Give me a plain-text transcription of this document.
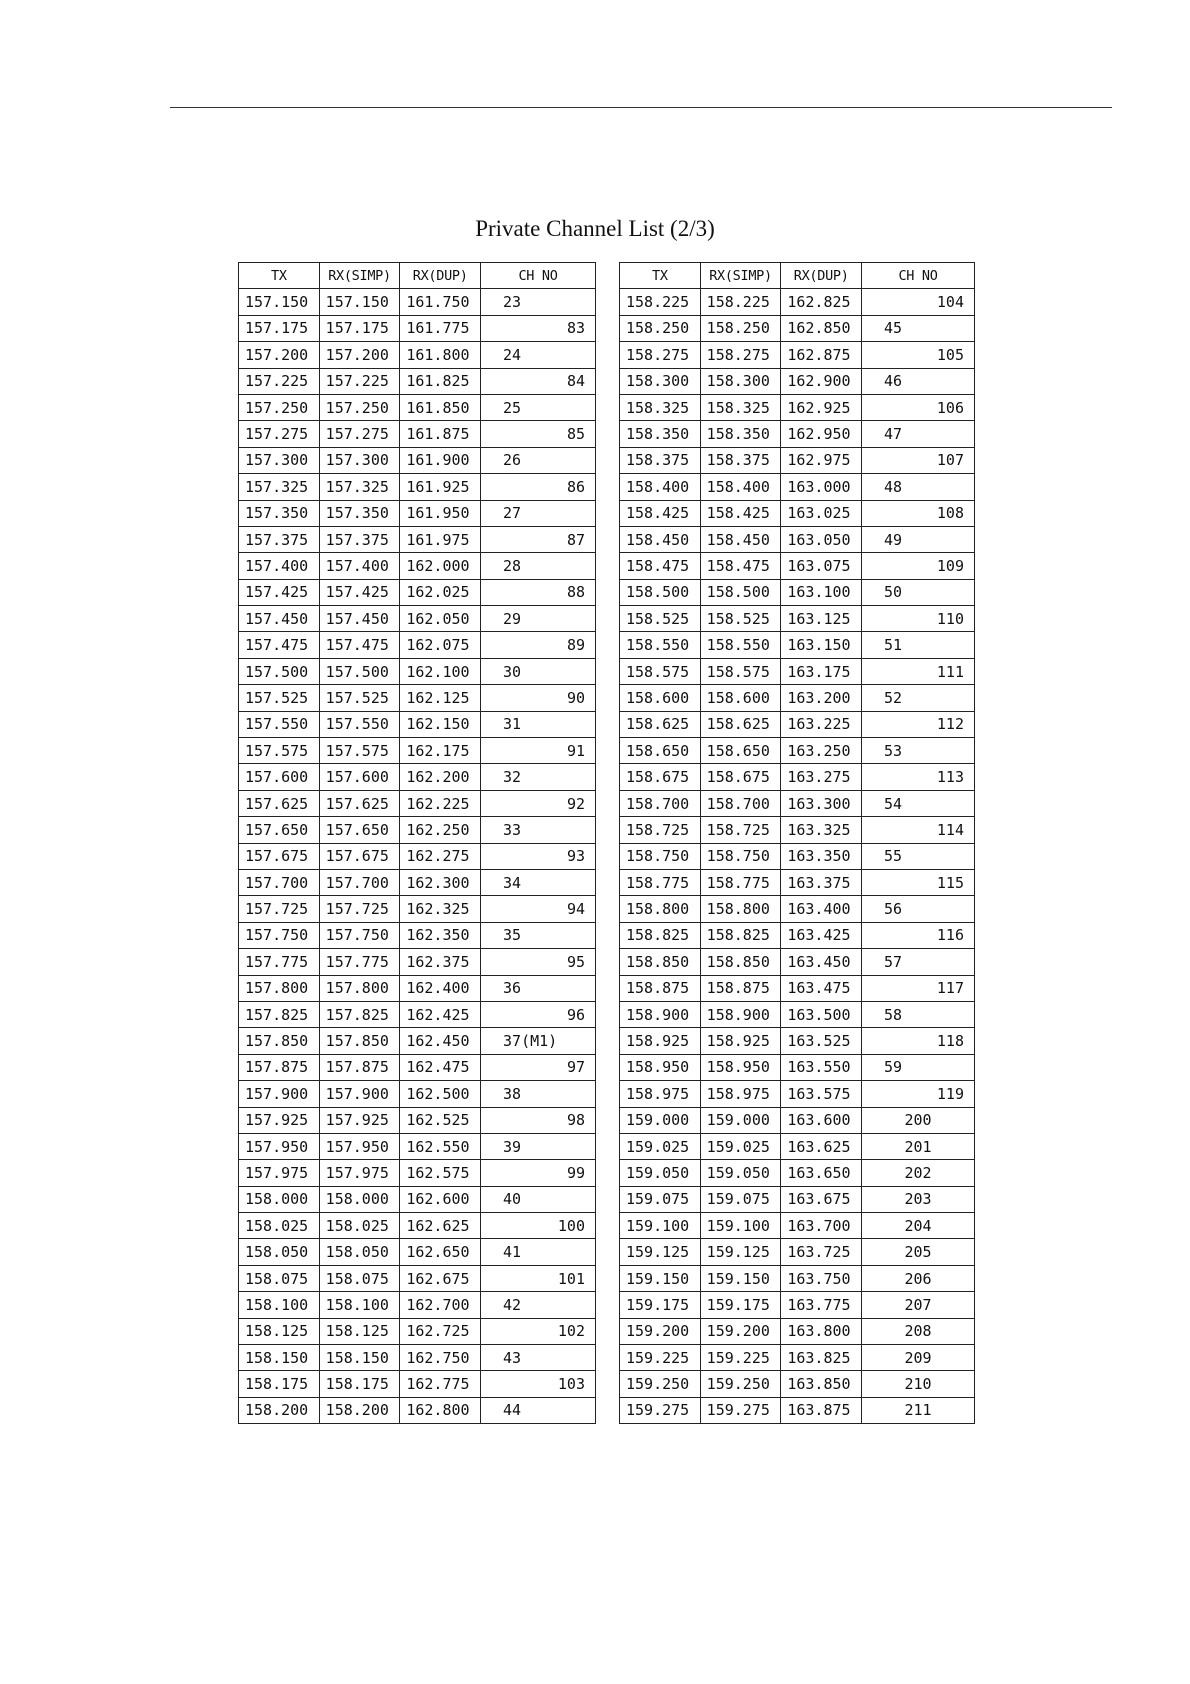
Private Channel List (2/3)
TX	RX(SIMP)	RX(DUP)	CH NO
157.150	157.150	161.750	23
157.175	157.175	161.775	83
157.200	157.200	161.800	24
157.225	157.225	161.825	84
157.250	157.250	161.850	25
157.275	157.275	161.875	85
157.300	157.300	161.900	26
157.325	157.325	161.925	86
157.350	157.350	161.950	27
157.375	157.375	161.975	87
157.400	157.400	162.000	28
157.425	157.425	162.025	88
157.450	157.450	162.050	29
157.475	157.475	162.075	89
157.500	157.500	162.100	30
157.525	157.525	162.125	90
157.550	157.550	162.150	31
157.575	157.575	162.175	91
157.600	157.600	162.200	32
157.625	157.625	162.225	92
157.650	157.650	162.250	33
157.675	157.675	162.275	93
157.700	157.700	162.300	34
157.725	157.725	162.325	94
157.750	157.750	162.350	35
157.775	157.775	162.375	95
157.800	157.800	162.400	36
157.825	157.825	162.425	96
157.850	157.850	162.450	37(M1)
157.875	157.875	162.475	97
157.900	157.900	162.500	38
157.925	157.925	162.525	98
157.950	157.950	162.550	39
157.975	157.975	162.575	99
158.000	158.000	162.600	40
158.025	158.025	162.625	100
158.050	158.050	162.650	41
158.075	158.075	162.675	101
158.100	158.100	162.700	42
158.125	158.125	162.725	102
158.150	158.150	162.750	43
158.175	158.175	162.775	103
158.200	158.200	162.800	44
TX	RX(SIMP)	RX(DUP)	CH NO
158.225	158.225	162.825	104
158.250	158.250	162.850	45
158.275	158.275	162.875	105
158.300	158.300	162.900	46
158.325	158.325	162.925	106
158.350	158.350	162.950	47
158.375	158.375	162.975	107
158.400	158.400	163.000	48
158.425	158.425	163.025	108
158.450	158.450	163.050	49
158.475	158.475	163.075	109
158.500	158.500	163.100	50
158.525	158.525	163.125	110
158.550	158.550	163.150	51
158.575	158.575	163.175	111
158.600	158.600	163.200	52
158.625	158.625	163.225	112
158.650	158.650	163.250	53
158.675	158.675	163.275	113
158.700	158.700	163.300	54
158.725	158.725	163.325	114
158.750	158.750	163.350	55
158.775	158.775	163.375	115
158.800	158.800	163.400	56
158.825	158.825	163.425	116
158.850	158.850	163.450	57
158.875	158.875	163.475	117
158.900	158.900	163.500	58
158.925	158.925	163.525	118
158.950	158.950	163.550	59
158.975	158.975	163.575	119
159.000	159.000	163.600	200
159.025	159.025	163.625	201
159.050	159.050	163.650	202
159.075	159.075	163.675	203
159.100	159.100	163.700	204
159.125	159.125	163.725	205
159.150	159.150	163.750	206
159.175	159.175	163.775	207
159.200	159.200	163.800	208
159.225	159.225	163.825	209
159.250	159.250	163.850	210
159.275	159.275	163.875	211
